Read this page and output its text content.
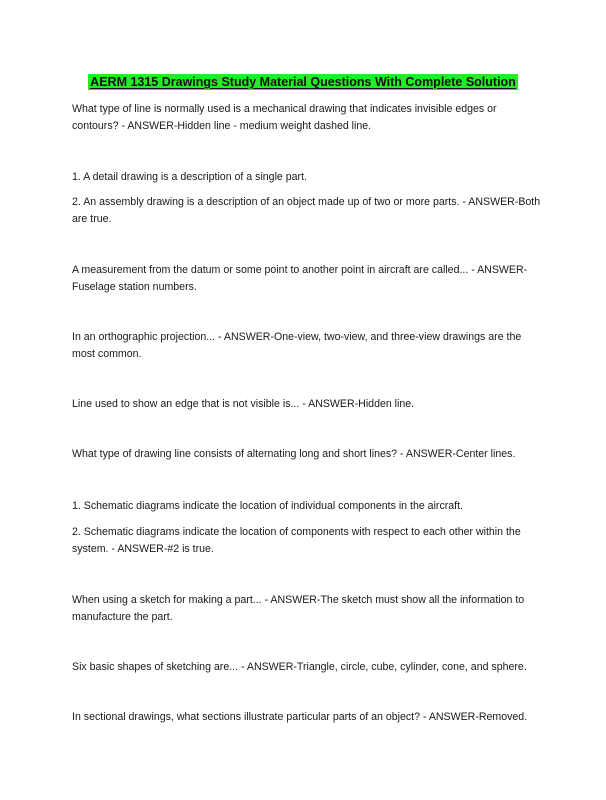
AERM 1315 Drawings Study Material Questions With Complete Solution

What type of line is normally used is a mechanical drawing that indicates invisible edges or contours? - ANSWER-Hidden line - medium weight dashed line.

1. A detail drawing is a description of a single part.

2. An assembly drawing is a description of an object made up of two or more parts. - ANSWER-Both are true.

A measurement from the datum or some point to another point in aircraft are called... - ANSWER-Fuselage station numbers.

In an orthographic projection... - ANSWER-One-view, two-view, and three-view drawings are the most common.

Line used to show an edge that is not visible is... - ANSWER-Hidden line.

What type of drawing line consists of alternating long and short lines? - ANSWER-Center lines.

1. Schematic diagrams indicate the location of individual components in the aircraft.

2. Schematic diagrams indicate the location of components with respect to each other within the system. - ANSWER-#2 is true.

When using a sketch for making a part... - ANSWER-The sketch must show all the information to manufacture the part.

Six basic shapes of sketching are... - ANSWER-Triangle, circle, cube, cylinder, cone, and sphere.

In sectional drawings, what sections illustrate particular parts of an object? - ANSWER-Removed.
